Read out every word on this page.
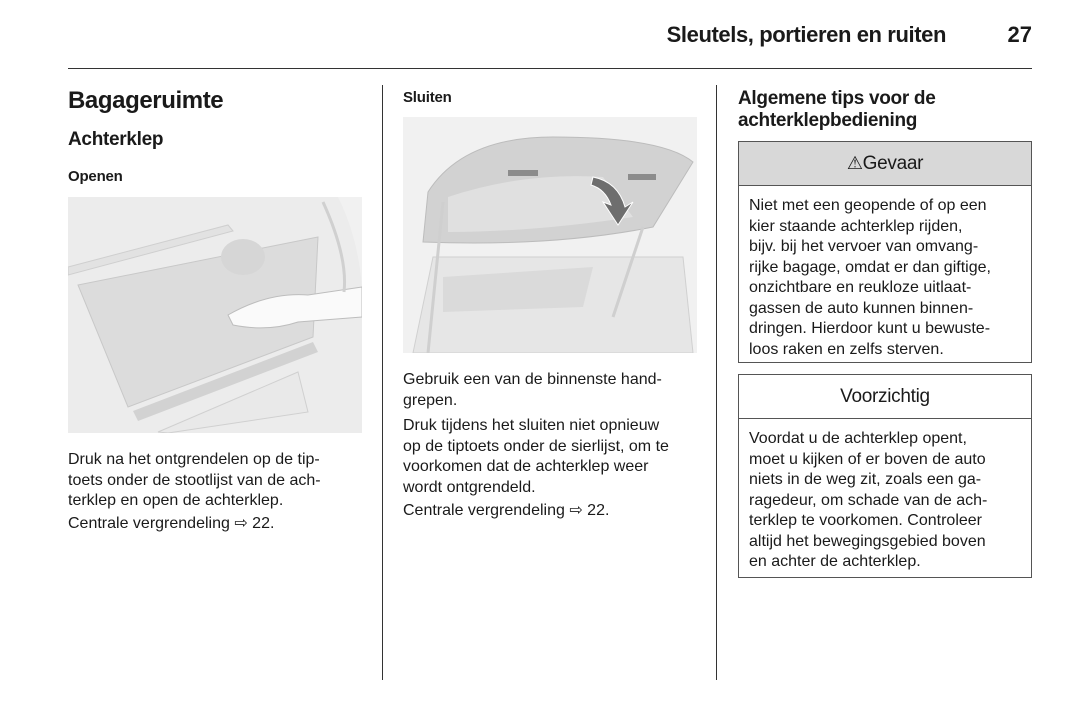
Sleutels, portieren en ruiten	27
Bagageruimte
Achterklep
Openen
Druk na het ontgrendelen op de tip-
toets onder de stootlijst van de ach-
terklep en open de achterklep.
Centrale vergrendeling ⇨ 22.
Sluiten
Gebruik een van de binnenste hand-
grepen.
Druk tijdens het sluiten niet opnieuw
op de tiptoets onder de sierlijst, om te
voorkomen dat de achterklep weer
wordt ontgrendeld.
Centrale vergrendeling ⇨ 22.
Algemene tips voor de
achterklepbediening
⚠Gevaar
Niet met een geopende of op een
kier staande achterklep rijden,
bijv. bij het vervoer van omvang-
rijke bagage, omdat er dan giftige,
onzichtbare en reukloze uitlaat-
gassen de auto kunnen binnen-
dringen. Hierdoor kunt u bewuste-
loos raken en zelfs sterven.
Voorzichtig
Voordat u de achterklep opent,
moet u kijken of er boven de auto
niets in de weg zit, zoals een ga-
ragedeur, om schade van de ach-
terklep te voorkomen. Controleer
altijd het bewegingsgebied boven
en achter de achterklep.
